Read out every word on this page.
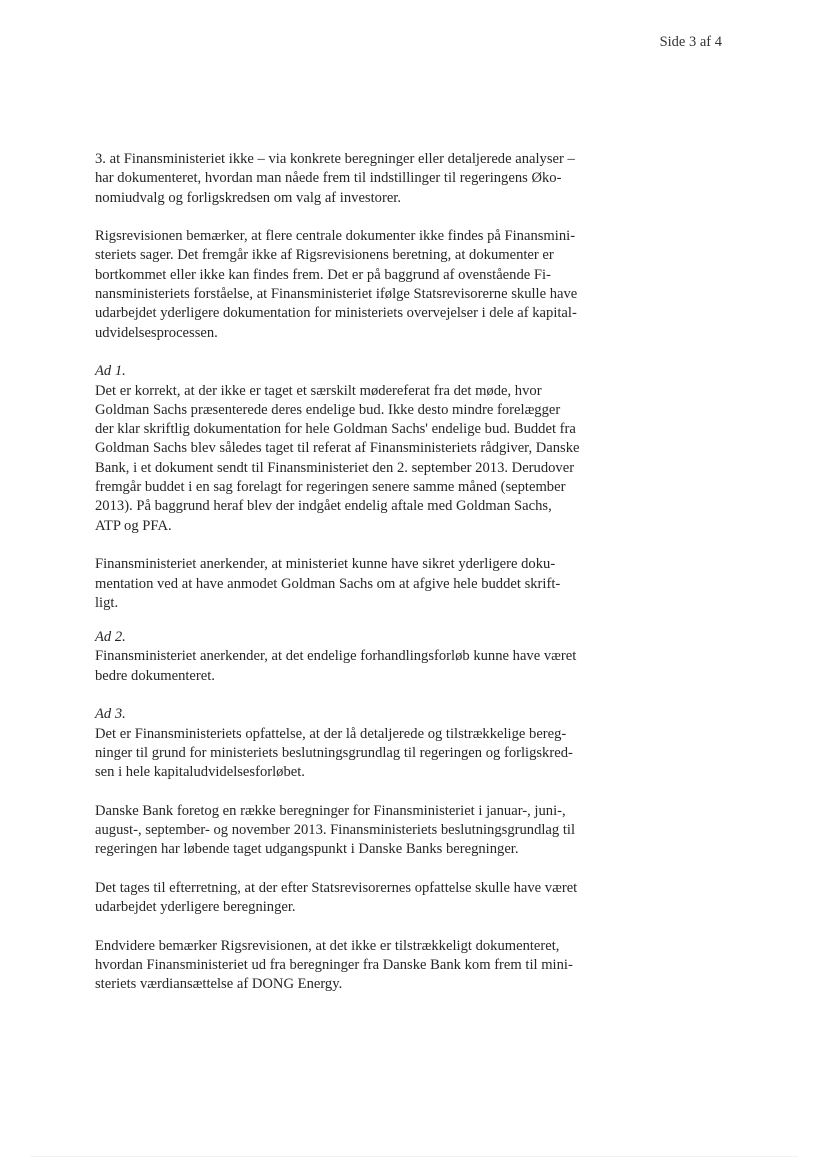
Side 3 af 4
3. at Finansministeriet ikke – via konkrete beregninger eller detaljerede analyser –
har dokumenteret, hvordan man nåede frem til indstillinger til regeringens Øko-
nomiudvalg og forligskredsen om valg af investorer.
Rigsrevisionen bemærker, at flere centrale dokumenter ikke findes på Finansmini-
steriets sager. Det fremgår ikke af Rigsrevisionens beretning, at dokumenter er
bortkommet eller ikke kan findes frem. Det er på baggrund af ovenstående Fi-
nansministeriets forståelse, at Finansministeriet ifølge Statsrevisorerne skulle have
udarbejdet yderligere dokumentation for ministeriets overvejelser i dele af kapital-
udvidelsesprocessen.
Ad 1.
Det er korrekt, at der ikke er taget et særskilt mødereferat fra det møde, hvor
Goldman Sachs præsenterede deres endelige bud. Ikke desto mindre forelægger
der klar skriftlig dokumentation for hele Goldman Sachs' endelige bud. Buddet fra
Goldman Sachs blev således taget til referat af Finansministeriets rådgiver, Danske
Bank, i et dokument sendt til Finansministeriet den 2. september 2013. Derudover
fremgår buddet i en sag forelagt for regeringen senere samme måned (september
2013). På baggrund heraf blev der indgået endelig aftale med Goldman Sachs,
ATP og PFA.
Finansministeriet anerkender, at ministeriet kunne have sikret yderligere doku-
mentation ved at have anmodet Goldman Sachs om at afgive hele buddet skrift-
ligt.
Ad 2.
Finansministeriet anerkender, at det endelige forhandlingsforløb kunne have været
bedre dokumenteret.
Ad 3.
Det er Finansministeriets opfattelse, at der lå detaljerede og tilstrækkelige bereg-
ninger til grund for ministeriets beslutningsgrundlag til regeringen og forligskred-
sen i hele kapitaludvidelsesforløbet.
Danske Bank foretog en række beregninger for Finansministeriet i januar-, juni-,
august-, september- og november 2013. Finansministeriets beslutningsgrundlag til
regeringen har løbende taget udgangspunkt i Danske Banks beregninger.
Det tages til efterretning, at der efter Statsrevisorernes opfattelse skulle have været
udarbejdet yderligere beregninger.
Endvidere bemærker Rigsrevisionen, at det ikke er tilstrækkeligt dokumenteret,
hvordan Finansministeriet ud fra beregninger fra Danske Bank kom frem til mini-
steriets værdiansættelse af DONG Energy.
